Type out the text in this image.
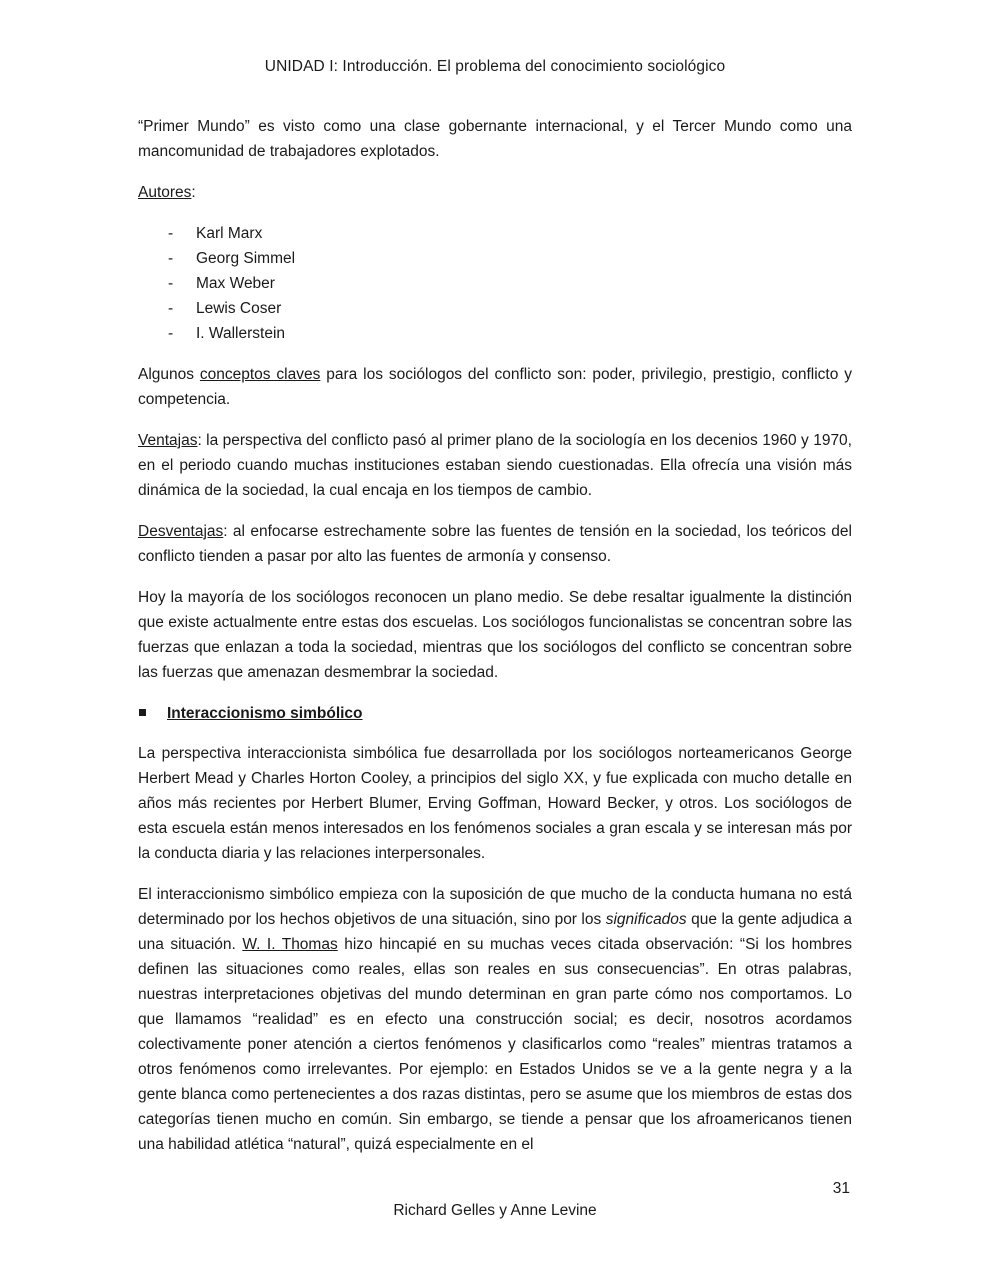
UNIDAD I: Introducción. El problema del conocimiento sociológico

“Primer Mundo” es visto como una clase gobernante internacional, y el Tercer Mundo como una mancomunidad de trabajadores explotados.

Autores:

- Karl Marx
- Georg Simmel
- Max Weber
- Lewis Coser
- I. Wallerstein

Algunos conceptos claves para los sociólogos del conflicto son: poder, privilegio, prestigio, conflicto y competencia.

Ventajas: la perspectiva del conflicto pasó al primer plano de la sociología en los decenios 1960 y 1970, en el periodo cuando muchas instituciones estaban siendo cuestionadas. Ella ofrecía una visión más dinámica de la sociedad, la cual encaja en los tiempos de cambio.

Desventajas: al enfocarse estrechamente sobre las fuentes de tensión en la sociedad, los teóricos del conflicto tienden a pasar por alto las fuentes de armonía y consenso.

Hoy la mayoría de los sociólogos reconocen un plano medio. Se debe resaltar igualmente la distinción que existe actualmente entre estas dos escuelas. Los sociólogos funcionalistas se concentran sobre las fuerzas que enlazan a toda la sociedad, mientras que los sociólogos del conflicto se concentran sobre las fuerzas que amenazan desmembrar la sociedad.

Interaccionismo simbólico

La perspectiva interaccionista simbólica fue desarrollada por los sociólogos norteamericanos George Herbert Mead y Charles Horton Cooley, a principios del siglo XX, y fue explicada con mucho detalle en años más recientes por Herbert Blumer, Erving Goffman, Howard Becker, y otros. Los sociólogos de esta escuela están menos interesados en los fenómenos sociales a gran escala y se interesan más por la conducta diaria y las relaciones interpersonales.

El interaccionismo simbólico empieza con la suposición de que mucho de la conducta humana no está determinado por los hechos objetivos de una situación, sino por los significados que la gente adjudica a una situación. W. I. Thomas hizo hincapié en su muchas veces citada observación: “Si los hombres definen las situaciones como reales, ellas son reales en sus consecuencias”. En otras palabras, nuestras interpretaciones objetivas del mundo determinan en gran parte cómo nos comportamos. Lo que llamamos “realidad” es en efecto una construcción social; es decir, nosotros acordamos colectivamente poner atención a ciertos fenómenos y clasificarlos como “reales” mientras tratamos a otros fenómenos como irrelevantes. Por ejemplo: en Estados Unidos se ve a la gente negra y a la gente blanca como pertenecientes a dos razas distintas, pero se asume que los miembros de estas dos categorías tienen mucho en común. Sin embargo, se tiende a pensar que los afroamericanos tienen una habilidad atlética “natural”, quizá especialmente en el

31
Richard Gelles y Anne Levine
